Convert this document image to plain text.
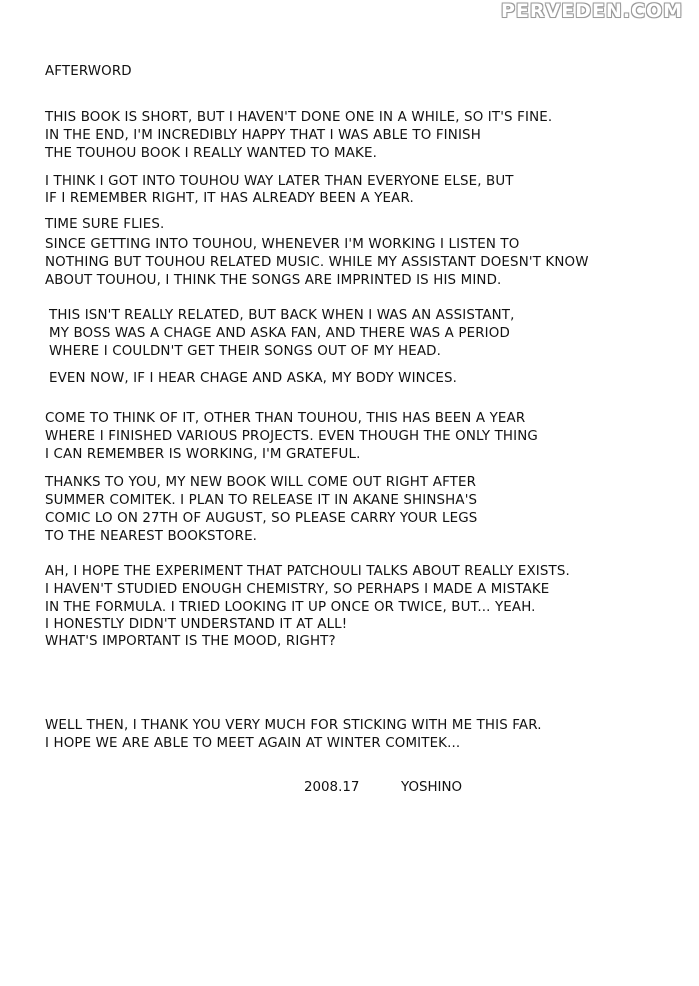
PERVEDEN.COM

AFTERWORD

THIS BOOK IS SHORT, BUT I HAVEN'T DONE ONE IN A WHILE, SO IT'S FINE.

IN THE END, I'M INCREDIBLY HAPPY THAT I WAS ABLE TO FINISH

THE TOUHOU BOOK I REALLY WANTED TO MAKE.

I THINK I GOT INTO TOUHOU WAY LATER THAN EVERYONE ELSE, BUT

IF I REMEMBER RIGHT, IT HAS ALREADY BEEN A YEAR.

TIME SURE FLIES.

SINCE GETTING INTO TOUHOU, WHENEVER I'M WORKING I LISTEN TO

NOTHING BUT TOUHOU RELATED MUSIC. WHILE MY ASSISTANT DOESN'T KNOW

ABOUT TOUHOU, I THINK THE SONGS ARE IMPRINTED IS HIS MIND.

THIS ISN'T REALLY RELATED, BUT BACK WHEN I WAS AN ASSISTANT,

MY BOSS WAS A CHAGE AND ASKA FAN, AND THERE WAS A PERIOD

WHERE I COULDN'T GET THEIR SONGS OUT OF MY HEAD.

EVEN NOW, IF I HEAR CHAGE AND ASKA, MY BODY WINCES.

COME TO THINK OF IT, OTHER THAN TOUHOU, THIS HAS BEEN A YEAR

WHERE I FINISHED VARIOUS PROJECTS. EVEN THOUGH THE ONLY THING

I CAN REMEMBER IS WORKING, I'M GRATEFUL.

THANKS TO YOU, MY NEW BOOK WILL COME OUT RIGHT AFTER

SUMMER COMITEK. I PLAN TO RELEASE IT IN AKANE SHINSHA'S

COMIC LO ON 27TH OF AUGUST, SO PLEASE CARRY YOUR LEGS

TO THE NEAREST BOOKSTORE.

AH, I HOPE THE EXPERIMENT THAT PATCHOULI TALKS ABOUT REALLY EXISTS.

I HAVEN'T STUDIED ENOUGH CHEMISTRY, SO PERHAPS I MADE A MISTAKE

IN THE FORMULA. I TRIED LOOKING IT UP ONCE OR TWICE, BUT... YEAH.

I HONESTLY DIDN'T UNDERSTAND IT AT ALL!

WHAT'S IMPORTANT IS THE MOOD, RIGHT?

WELL THEN, I THANK YOU VERY MUCH FOR STICKING WITH ME THIS FAR.

I HOPE WE ARE ABLE TO MEET AGAIN AT WINTER COMITEK...

2008.17	YOSHINO
